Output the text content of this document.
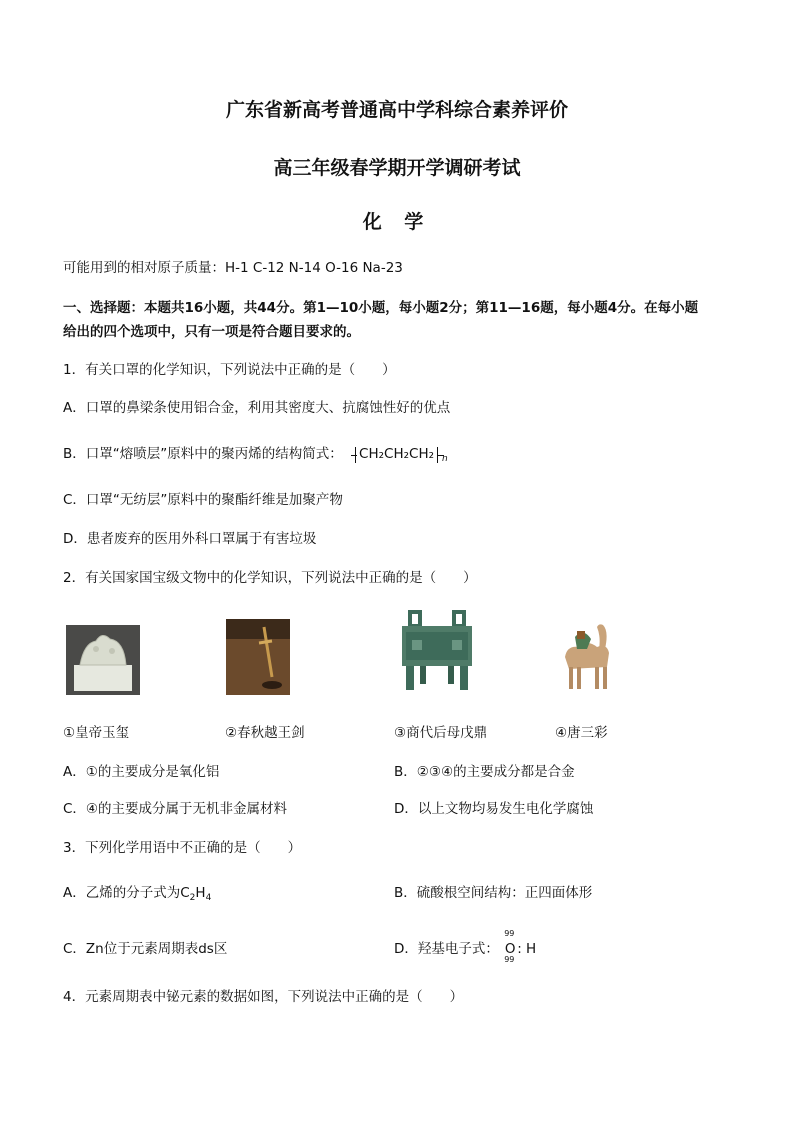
广东省新高考普通高中学科综合素养评价
高三年级春学期开学调研考试
化 学
可能用到的相对原子质量：H-1 C-12 N-14 O-16 Na-23
一、选择题：本题共16小题，共44分。第1—10小题，每小题2分；第11—16题，每小题4分。在每小题
给出的四个选项中，只有一项是符合题目要求的。
1．有关口罩的化学知识，下列说法中正确的是（　　）
A．口罩的鼻梁条使用铝合金，利用其密度大、抗腐蚀性好的优点
B．口罩“熔喷层”原料中的聚丙烯的结构简式： CH₂CH₂CH₂ $_n$
C．口罩“无纺层”原料中的聚酯纤维是加聚产物
D．患者废弃的医用外科口罩属于有害垃圾
2．有关国家国宝级文物中的化学知识，下列说法中正确的是（　　）
①皇帝玉玺	②春秋越王剑	③商代后母戊鼎	④唐三彩
A．①的主要成分是氧化铝	B．②③④的主要成分都是合金
C．④的主要成分属于无机非金属材料	D．以上文物均易发生电化学腐蚀
3．下列化学用语中不正确的是（　　）
A．乙烯的分子式为$C_2H_4$	B．硫酸根空间结构：正四面体形
C．Zn位于元素周期表ds区	D．羟基电子式：
99
O
99
: H
4．元素周期表中铋元素的数据如图，下列说法中正确的是（　　）
